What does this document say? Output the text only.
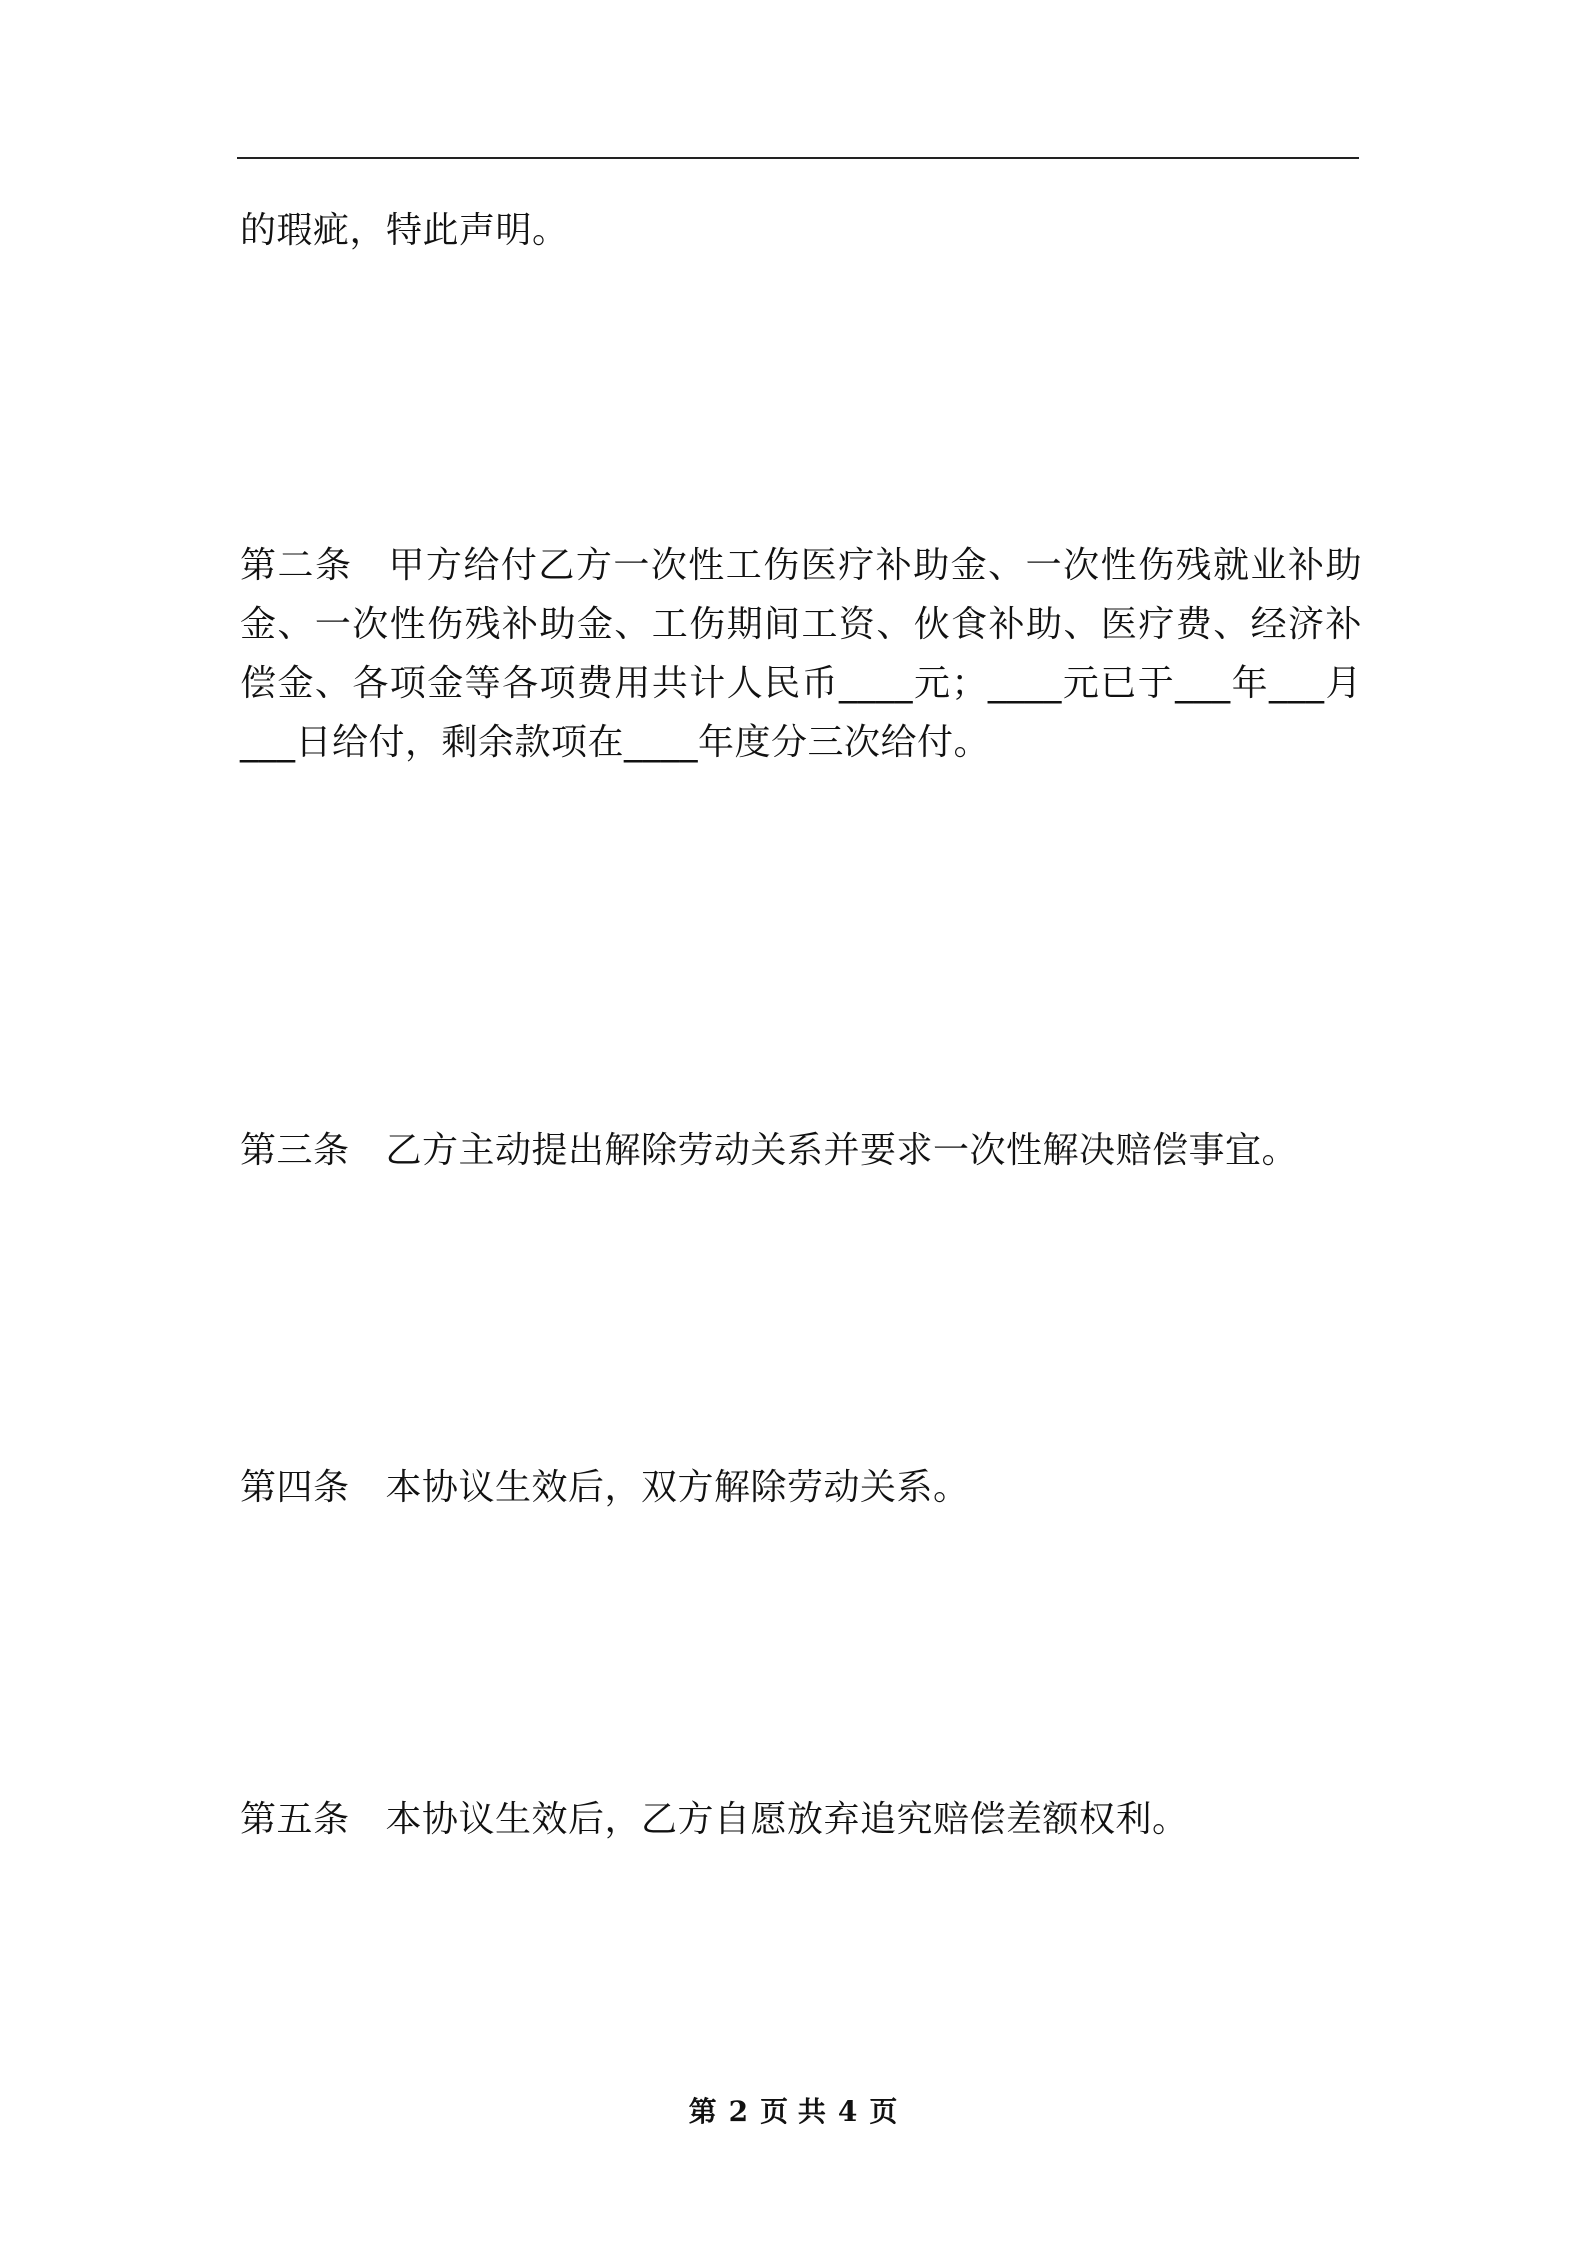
的瑕疵，特此声明。

第二条 甲方给付乙方一次性工伤医疗补助金、一次性伤残就业补助金、一次性伤残补助金、工伤期间工资、伙食补助、医疗费、经济补偿金、各项金等各项费用共计人民币____元；____元已于___年___月___日给付，剩余款项在____年度分三次给付。

第三条 乙方主动提出解除劳动关系并要求一次性解决赔偿事宜。

第四条 本协议生效后，双方解除劳动关系。

第五条 本协议生效后，乙方自愿放弃追究赔偿差额权利。

第 2 页 共 4 页
